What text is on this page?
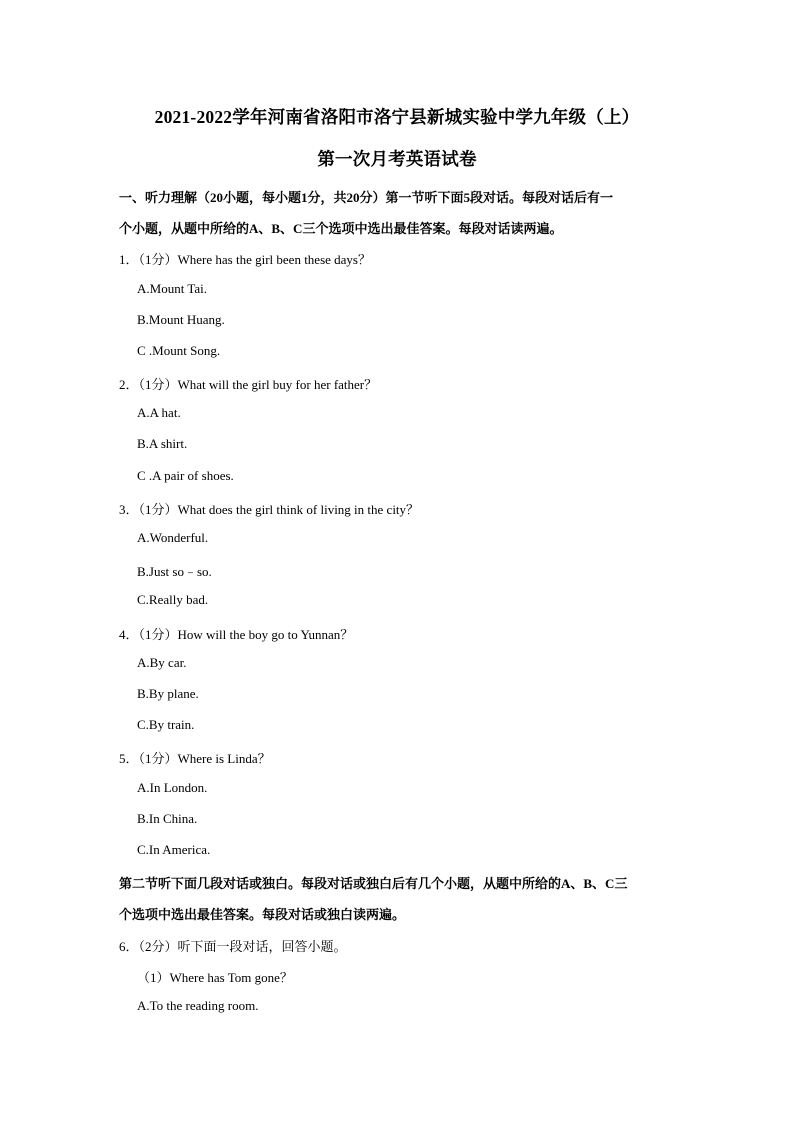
2021-2022学年河南省洛阳市洛宁县新城实验中学九年级（上）
第一次月考英语试卷
一、听力理解（20小题，每小题1分，共20分）第一节听下面5段对话。每段对话后有一
个小题，从题中所给的A、B、C三个选项中选出最佳答案。每段对话读两遍。
1．（1分）Where has the girl been these days？
A.Mount Tai.
B.Mount Huang.
C .Mount Song.
2．（1分）What will the girl buy for her father？
A.A hat.
B.A shirt.
C .A pair of shoes.
3．（1分）What does the girl think of living in the city？
A.Wonderful.
B.Just so﹣so.
C.Really bad.
4．（1分）How will the boy go to Yunnan？
A.By car.
B.By plane.
C.By train.
5．（1分）Where is Linda？
A.In London.
B.In China.
C.In America.
第二节听下面几段对话或独白。每段对话或独白后有几个小题，从题中所给的A、B、C三
个选项中选出最佳答案。每段对话或独白读两遍。
6．（2分）听下面一段对话，回答小题。
（1）Where has Tom gone？
A.To the reading room.
